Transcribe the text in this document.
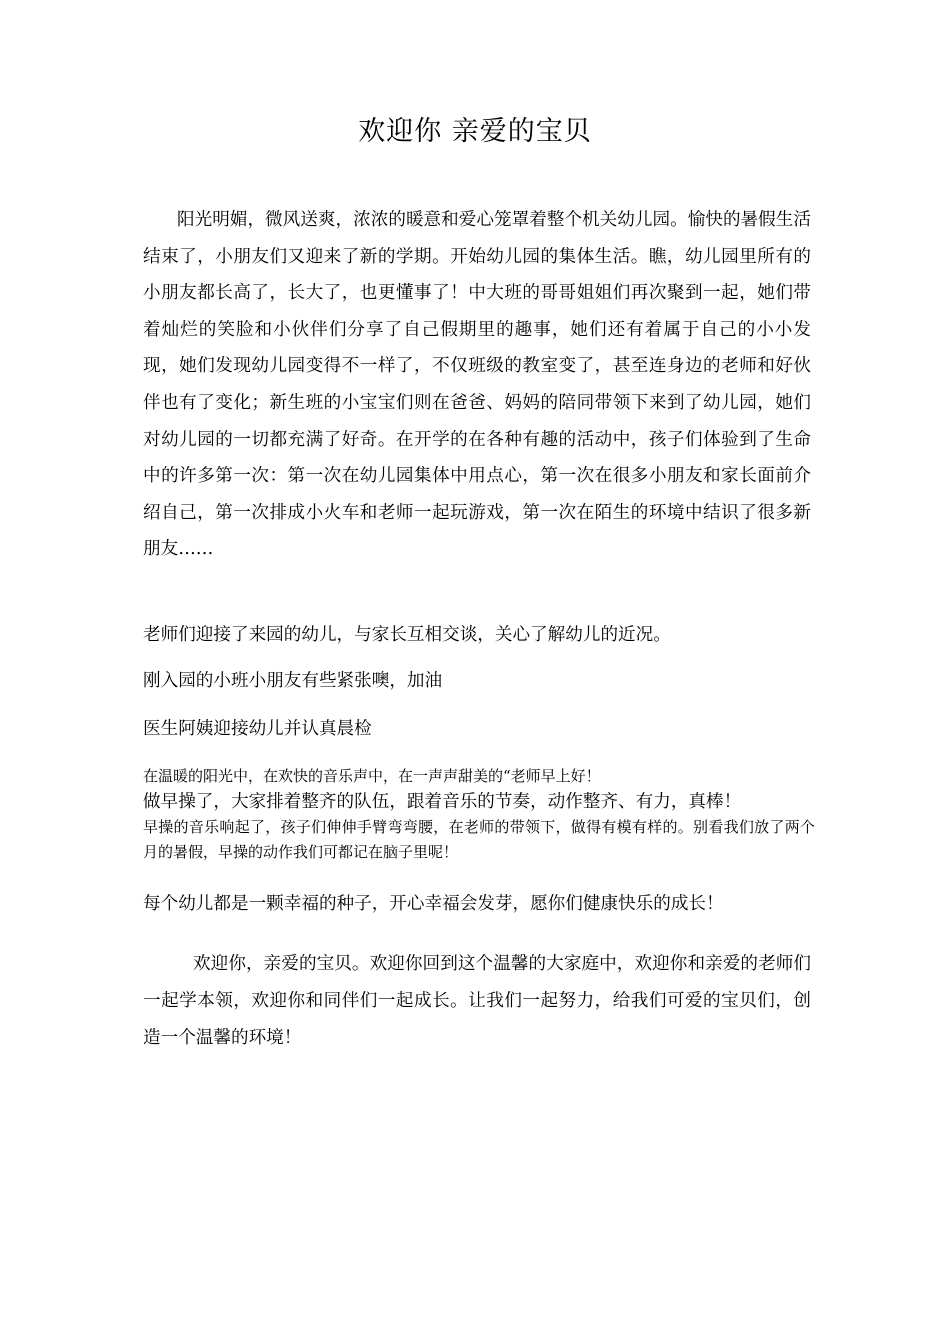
欢迎你 亲爱的宝贝

阳光明媚，微风送爽，浓浓的暖意和爱心笼罩着整个机关幼儿园。愉快的暑假生活结束了，小朋友们又迎来了新的学期。开始幼儿园的集体生活。瞧，幼儿园里所有的小朋友都长高了，长大了，也更懂事了！中大班的哥哥姐姐们再次聚到一起，她们带着灿烂的笑脸和小伙伴们分享了自己假期里的趣事，她们还有着属于自己的小小发现，她们发现幼儿园变得不一样了，不仅班级的教室变了，甚至连身边的老师和好伙伴也有了变化；新生班的小宝宝们则在爸爸、妈妈的陪同带领下来到了幼儿园，她们对幼儿园的一切都充满了好奇。在开学的在各种有趣的活动中，孩子们体验到了生命中的许多第一次：第一次在幼儿园集体中用点心，第一次在很多小朋友和家长面前介绍自己，第一次排成小火车和老师一起玩游戏，第一次在陌生的环境中结识了很多新朋友……

老师们迎接了来园的幼儿，与家长互相交谈，关心了解幼儿的近况。

刚入园的小班小朋友有些紧张噢，加油

医生阿姨迎接幼儿并认真晨检

在温暖的阳光中，在欢快的音乐声中，在一声声甜美的“老师早上好！

做早操了，大家排着整齐的队伍，跟着音乐的节奏，动作整齐、有力，真棒！

早操的音乐响起了，孩子们伸伸手臂弯弯腰，在老师的带领下，做得有模有样的。别看我们放了两个月的暑假，早操的动作我们可都记在脑子里呢！

每个幼儿都是一颗幸福的种子，开心幸福会发芽，愿你们健康快乐的成长！

欢迎你，亲爱的宝贝。欢迎你回到这个温馨的大家庭中，欢迎你和亲爱的老师们一起学本领，欢迎你和同伴们一起成长。让我们一起努力，给我们可爱的宝贝们，创造一个温馨的环境！
